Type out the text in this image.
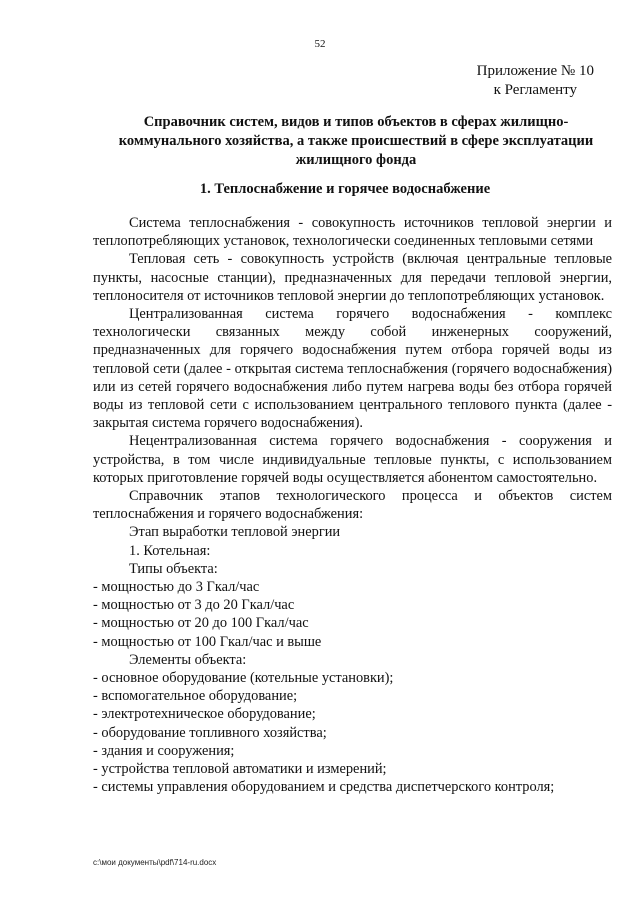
52
Приложение № 10
к Регламенту
Справочник систем, видов и типов объектов в сферах жилищно-коммунального хозяйства, а также происшествий в сфере эксплуатации жилищного фонда
1. Теплоснабжение и горячее водоснабжение

Система теплоснабжения - совокупность источников тепловой энергии и теплопотребляющих установок, технологически соединенных тепловыми сетями

Тепловая сеть - совокупность устройств (включая центральные тепловые пункты, насосные станции), предназначенных для передачи тепловой энергии, теплоносителя от источников тепловой энергии до теплопотребляющих установок.

Централизованная система горячего водоснабжения - комплекс технологически связанных между собой инженерных сооружений, предназначенных для горячего водоснабжения путем отбора горячей воды из тепловой сети (далее - открытая система теплоснабжения (горячего водоснабжения) или из сетей горячего водоснабжения либо путем нагрева воды без отбора горячей воды из тепловой сети с использованием центрального теплового пункта (далее - закрытая система горячего водоснабжения).

Нецентрализованная система горячего водоснабжения - сооружения и устройства, в том числе индивидуальные тепловые пункты, с использованием которых приготовление горячей воды осуществляется абонентом самостоятельно.

Справочник этапов технологического процесса и объектов систем теплоснабжения и горячего водоснабжения:

Этап выработки тепловой энергии
1. Котельная:
Типы объекта:
- мощностью до 3 Гкал/час
- мощностью от 3 до 20 Гкал/час
- мощностью от 20 до 100 Гкал/час
- мощностью от 100 Гкал/час и выше
Элементы объекта:
- основное оборудование (котельные установки);
- вспомогательное оборудование;
- электротехническое оборудование;
- оборудование топливного хозяйства;
- здания и сооружения;
- устройства тепловой автоматики и измерений;
- системы управления оборудованием и средства диспетчерского контроля;
c:\мои документы\pdf\714-ru.docx
